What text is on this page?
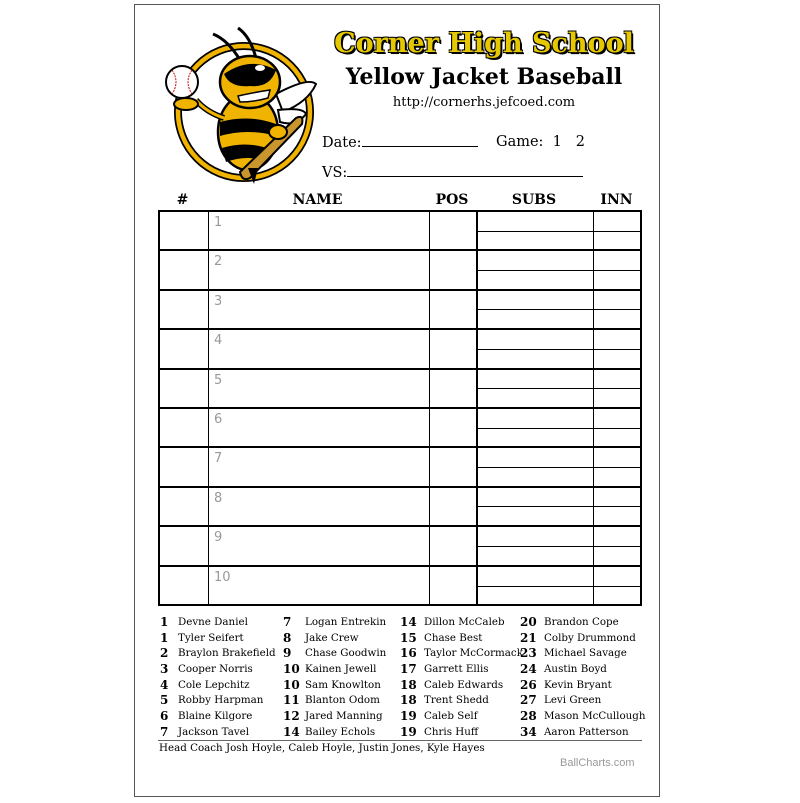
Corner High School
Yellow Jacket Baseball
http://cornerhs.jefcoed.com
Date:	Game:  1   2
VS:
#	NAME	POS	SUBS	INN
1
2
3
4
5
6
7
8
9
10
1 Devne Daniel
1 Tyler Seifert
2 Braylon Brakefield
3 Cooper Norris
4 Cole Lepchitz
5 Robby Harpman
6 Blaine Kilgore
7 Jackson Tavel
7	Logan Entrekin
8	Jake Crew
9	Chase Goodwin
10 Kainen Jewell
10 Sam Knowlton
11 Blanton Odom
12 Jared Manning
14 Bailey Echols
14 Dillon McCaleb
15 Chase Best
16 Taylor McCormack
17 Garrett Ellis
18 Caleb Edwards
18 Trent Shedd
19 Caleb Self
19 Chris Huff
20 Brandon Cope
21 Colby Drummond
23 Michael Savage
24 Austin Boyd
26 Kevin Bryant
27 Levi Green
28 Mason McCullough
34 Aaron Patterson
Head Coach Josh Hoyle, Caleb Hoyle, Justin Jones, Kyle Hayes
BallCharts.com
